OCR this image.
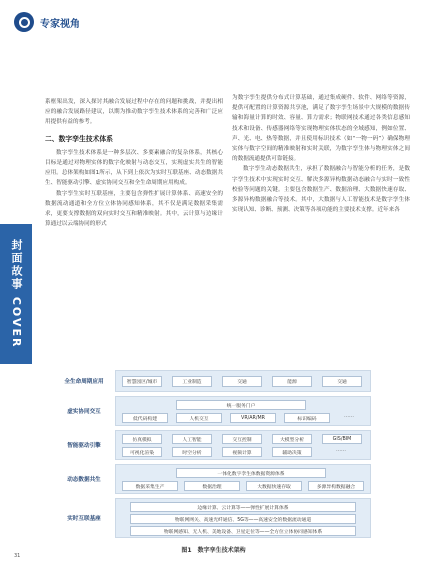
专家视角

系框架出发，深入探讨其融合发展过程中存在的问题和挑战，并提出相应的融合发展路径建议，以期为推动数字孪生技术体系的完善和广泛应用提供有益的参考。

二、数字孪生技术体系

数字孪生技术体系是一种多层次、多要素融合的复杂体系，其核心目标是通过对物理实体的数字化映射与动态交互，实现虚实共生的智能应用。总体架构如图1所示，从下到上依次为实时互联基座、动态数据共生、智能驱动引擎、虚实协同交互和全生命周期应用构成。

数字孪生实时互联基座，主要包含弹性扩展计算体系、高速安全的数据流动通道和全方位立体协同感知体系，其不仅是满足数据采集需求，更要支撑数据的双向实时交互和精准映射。其中，云计算与边缘计算通过以云端协同的形式

为数字孪生提供分布式计算基础，通过集成硬件、软件、网络等资源，提供可配置的计算资源共享池，满足了数字孪生场景中大规模的数据传输和海量计算的时效、容量、算力需求；物联网技术通过各类信息感知技术和设备、传感器网络等实现物理实体状态的全域感知，例如位置、声、光、电、热等数据，并且使用标识技术（如“一物一码”）确保物理实体与数字空间的精准映射和实时关联，为数字孪生体与物理实体之间的数据流通提供可靠链接。

数字孪生动态数据共生，承担了数据融合与智能分析的任务，是数字孪生技术中实现实时交互、解决多源异构数据动态融合与实时一致性校验等问题的关键。主要包含数据生产、数据治理、大数据快速存取、多源异构数据融合等技术。其中，大数据与人工智能技术是数字孪生体实现认知、诊断、预测、决策等各项功能的主要技术支撑。近年来各

封面故事 COVER
全生命周期应用	智慧园区/城市	工业制造	交通	能源	交通
虚实协同交互
统一服务门户
低代码构建	人机交互	VR/AR/MR	标识编码	……
智能驱动引擎
仿真模拟	人工智能	交互控制	大模型分析	GIS/BIM
可视化渲染	时空分析	视频计算	辅助决策	……
动态数据共生
一体化数字孪生体数据资源体系
数据采集生产	数据治理	大数据快速存取	多源异构数据融合
实时互联基座
边缘计算、云计算等——弹性扩展计算体系
物联网网关、高速光纤通信、5G等——高速安全的数据流动通道
物联网感知、无人机、美地设备、卫星定位等——全方位立体协同感知体系
图1　数字孪生技术架构
31
